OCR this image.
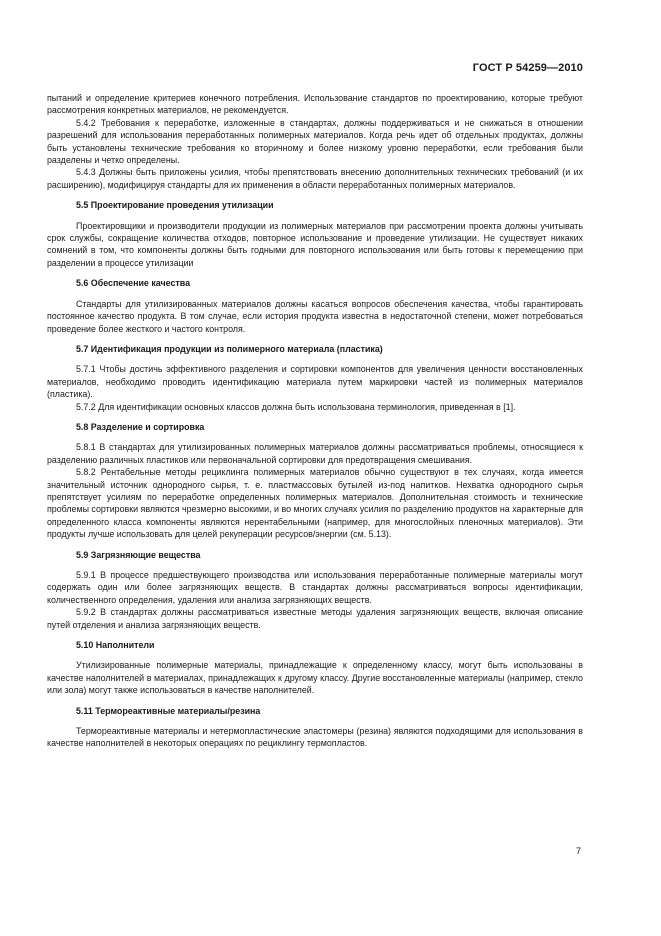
ГОСТ Р 54259—2010

пытаний и определение критериев конечного потребления. Использование стандартов по проектированию, которые требуют рассмотрения конкретных материалов, не рекомендуется.

5.4.2 Требования к переработке, изложенные в стандартах, должны поддерживаться и не снижаться в отношении разрешений для использования переработанных полимерных материалов. Когда речь идет об отдельных продуктах, должны быть установлены технические требования ко вторичному и более низкому уровню переработки, если требования были разделены и четко определены.

5.4.3 Должны быть приложены усилия, чтобы препятствовать внесению дополнительных технических требований (и их расширению), модифицируя стандарты для их применения в области переработанных полимерных материалов.

5.5 Проектирование проведения утилизации

Проектировщики и производители продукции из полимерных материалов при рассмотрении проекта должны учитывать срок службы, сокращение количества отходов, повторное использование и проведение утилизации. Не существует никаких сомнений в том, что компоненты должны быть годными для повторного использования или быть готовы к перемещению при разделении в процессе утилизации

5.6 Обеспечение качества

Стандарты для утилизированных материалов должны касаться вопросов обеспечения качества, чтобы гарантировать постоянное качество продукта. В том случае, если история продукта известна в недостаточной степени, может потребоваться проведение более жесткого и частого контроля.

5.7 Идентификация продукции из полимерного материала (пластика)

5.7.1 Чтобы достичь эффективного разделения и сортировки компонентов для увеличения ценности восстановленных материалов, необходимо проводить идентификацию материала путем маркировки частей из полимерных материалов (пластика).

5.7.2 Для идентификации основных классов должна быть использована терминология, приведенная в [1].

5.8 Разделение и сортировка

5.8.1 В стандартах для утилизированных полимерных материалов должны рассматриваться проблемы, относящиеся к разделению различных пластиков или первоначальной сортировки для предотвращения смешивания.

5.8.2 Рентабельные методы рециклинга полимерных материалов обычно существуют в тех случаях, когда имеется значительный источник однородного сырья, т. е. пластмассовых бутылей из-под напитков. Нехватка однородного сырья препятствует усилиям по переработке определенных полимерных материалов. Дополнительная стоимость и технические проблемы сортировки являются чрезмерно высокими, и во многих случаях усилия по разделению продуктов на характерные для определенного класса компоненты являются нерентабельными (например, для многослойных пленочных материалов). Эти продукты лучше использовать для целей рекуперации ресурсов/энергии (см. 5.13).

5.9 Загрязняющие вещества

5.9.1 В процессе предшествующего производства или использования переработанные полимерные материалы могут содержать один или более загрязняющих веществ. В стандартах должны рассматриваться вопросы идентификации, количественного определения, удаления или анализа загрязняющих веществ.

5.9.2 В стандартах должны рассматриваться известные методы удаления загрязняющих веществ, включая описание путей отделения и анализа загрязняющих веществ.

5.10 Наполнители

Утилизированные полимерные материалы, принадлежащие к определенному классу, могут быть использованы в качестве наполнителей в материалах, принадлежащих к другому классу. Другие восстановленные материалы (например, стекло или зола) могут также использоваться в качестве наполнителей.

5.11 Термореактивные материалы/резина

Термореактивные материалы и нетермопластические эластомеры (резина) являются подходящими для использования в качестве наполнителей в некоторых операциях по рециклингу термопластов.

7
